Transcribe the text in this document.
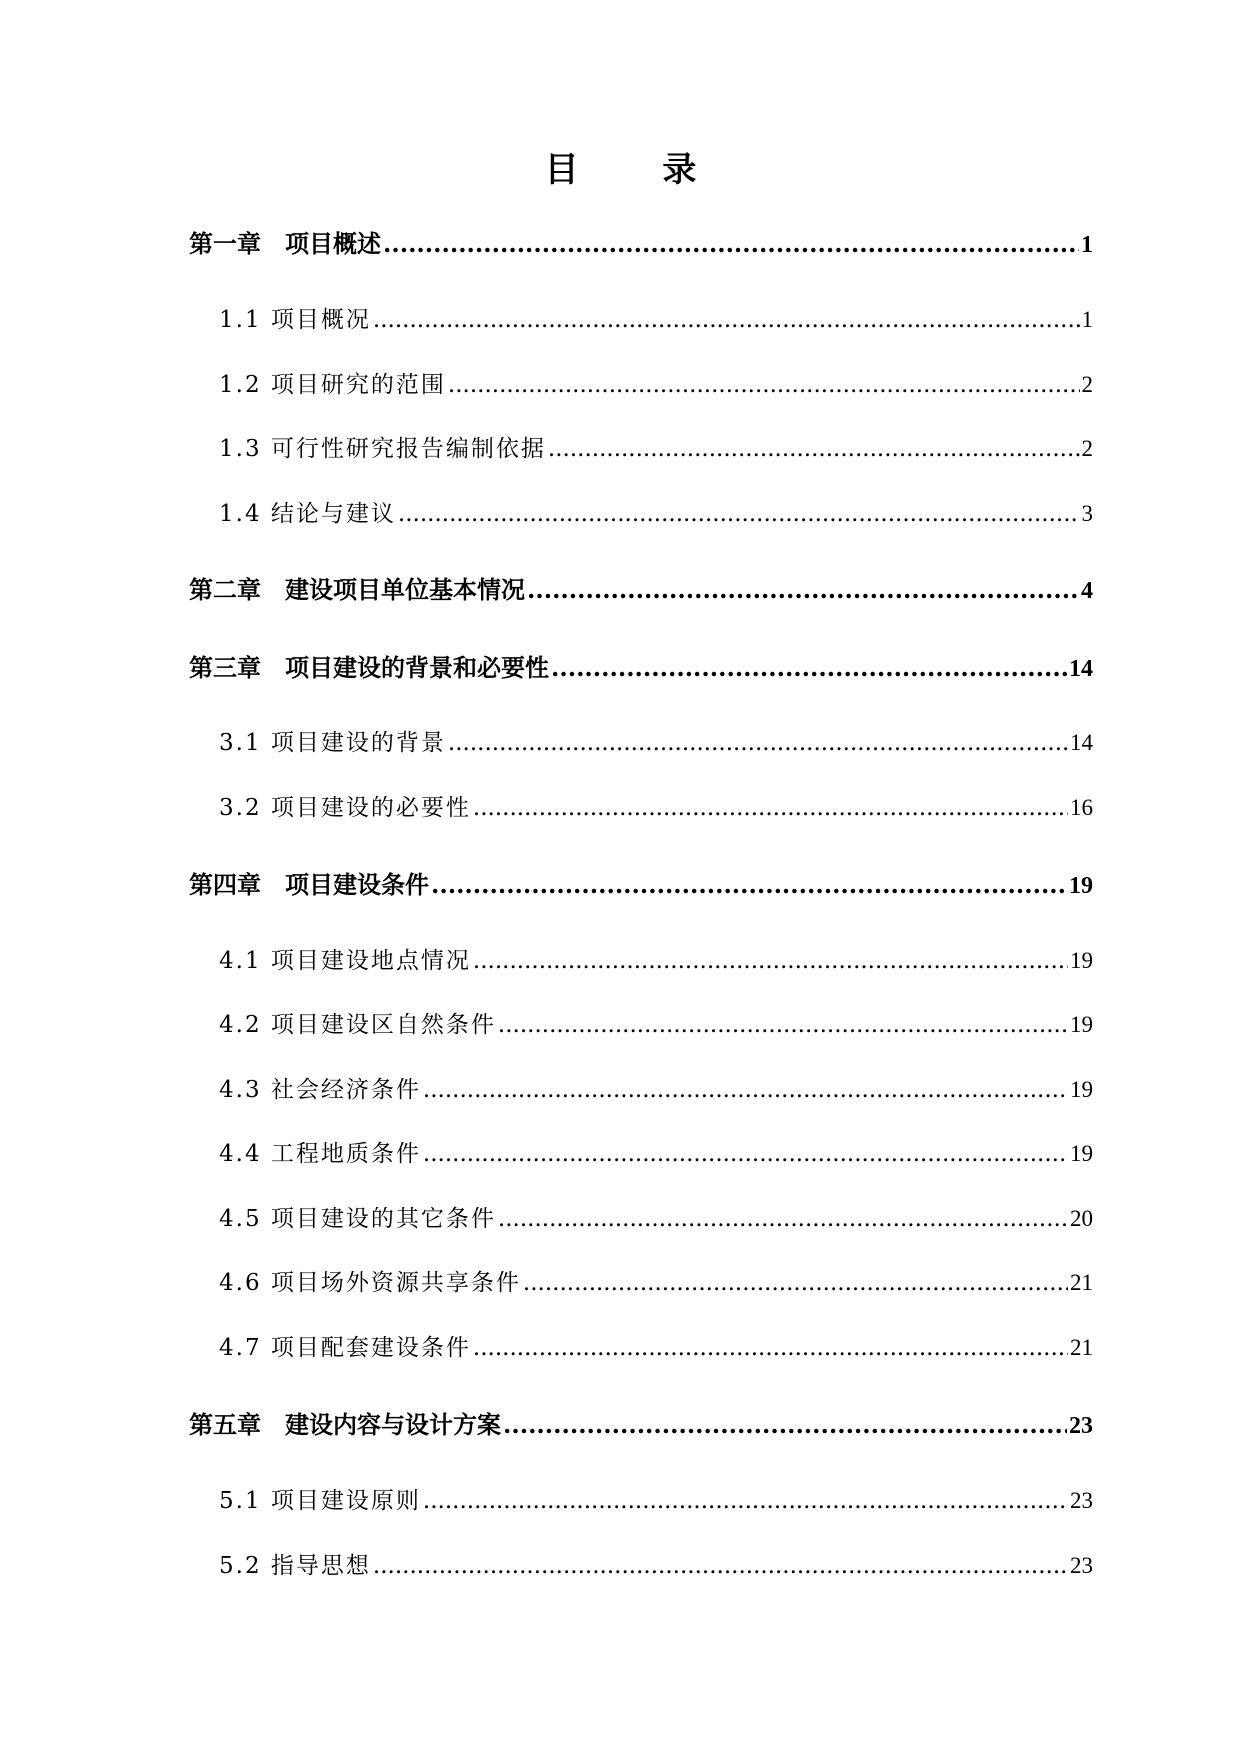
目 录
第一章　项目概述 .....	1
1.1 项目概况 .....	1
1.2 项目研究的范围 .....	2
1.3 可行性研究报告编制依据 .....	2
1.4 结论与建议 .....	3
第二章　建设项目单位基本情况 .....	4
第三章　项目建设的背景和必要性 .....	14
3.1 项目建设的背景 .....	14
3.2 项目建设的必要性 .....	16
第四章　项目建设条件 .....	19
4.1 项目建设地点情况 .....	19
4.2 项目建设区自然条件 .....	19
4.3 社会经济条件 .....	19
4.4 工程地质条件 .....	19
4.5 项目建设的其它条件 .....	20
4.6 项目场外资源共享条件 .....	21
4.7 项目配套建设条件 .....	21
第五章　建设内容与设计方案 .....	23
5.1 项目建设原则 .....	23
5.2 指导思想 .....	23
